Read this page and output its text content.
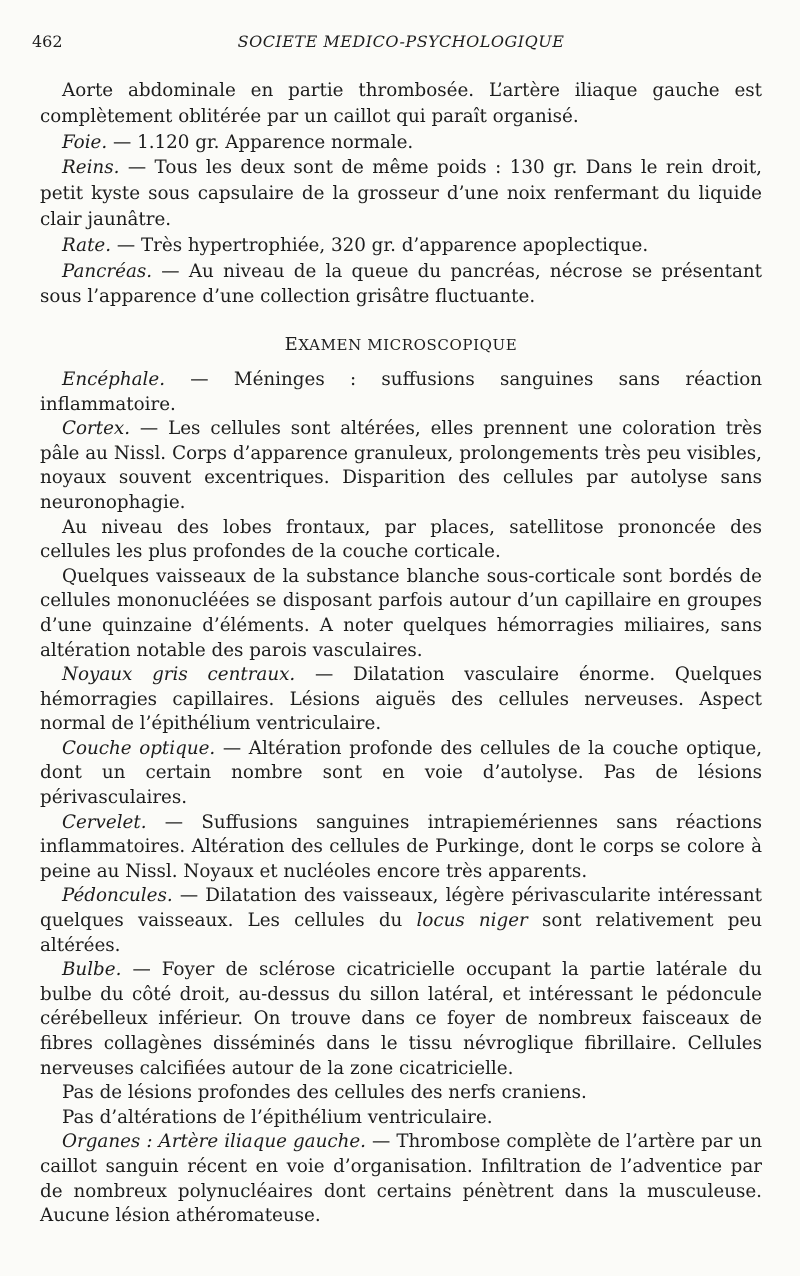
462	SOCIETE MEDICO-PSYCHOLOGIQUE

Aorte abdominale en partie thrombosée. L’artère iliaque gauche est complètement oblitérée par un caillot qui paraît organisé.

Foie. — 1.120 gr. Apparence normale.

Reins. — Tous les deux sont de même poids : 130 gr. Dans le rein droit, petit kyste sous capsulaire de la grosseur d’une noix renfermant du liquide clair jaunâtre.

Rate. — Très hypertrophiée, 320 gr. d’apparence apoplectique.

Pancréas. — Au niveau de la queue du pancréas, nécrose se présentant sous l’apparence d’une collection grisâtre fluctuante.

EXAMEN MICROSCOPIQUE

Encéphale. — Méninges : suffusions sanguines sans réaction inflammatoire.

Cortex. — Les cellules sont altérées, elles prennent une coloration très pâle au Nissl. Corps d’apparence granuleux, prolongements très peu visibles, noyaux souvent excentriques. Disparition des cellules par autolyse sans neuronophagie.

Au niveau des lobes frontaux, par places, satellitose prononcée des cellules les plus profondes de la couche corticale.

Quelques vaisseaux de la substance blanche sous-corticale sont bordés de cellules mononucléées se disposant parfois autour d’un capillaire en groupes d’une quinzaine d’éléments. A noter quelques hémorragies miliaires, sans altération notable des parois vasculaires.

Noyaux gris centraux. — Dilatation vasculaire énorme. Quelques hémorragies capillaires. Lésions aiguës des cellules nerveuses. Aspect normal de l’épithélium ventriculaire.

Couche optique. — Altération profonde des cellules de la couche optique, dont un certain nombre sont en voie d’autolyse. Pas de lésions périvasculaires.

Cervelet. — Suffusions sanguines intrapiemériennes sans réactions inflammatoires. Altération des cellules de Purkinge, dont le corps se colore à peine au Nissl. Noyaux et nucléoles encore très apparents.

Pédoncules. — Dilatation des vaisseaux, légère périvascularite intéressant quelques vaisseaux. Les cellules du locus niger sont relativement peu altérées.

Bulbe. — Foyer de sclérose cicatricielle occupant la partie latérale du bulbe du côté droit, au-dessus du sillon latéral, et intéressant le pédoncule cérébelleux inférieur. On trouve dans ce foyer de nombreux faisceaux de fibres collagènes disséminés dans le tissu névroglique fibrillaire. Cellules nerveuses calcifiées autour de la zone cicatricielle.

Pas de lésions profondes des cellules des nerfs craniens.

Pas d’altérations de l’épithélium ventriculaire.

Organes : Artère iliaque gauche. — Thrombose complète de l’artère par un caillot sanguin récent en voie d’organisation. Infiltration de l’adventice par de nombreux polynucléaires dont certains pénètrent dans la musculeuse. Aucune lésion athéromateuse.
